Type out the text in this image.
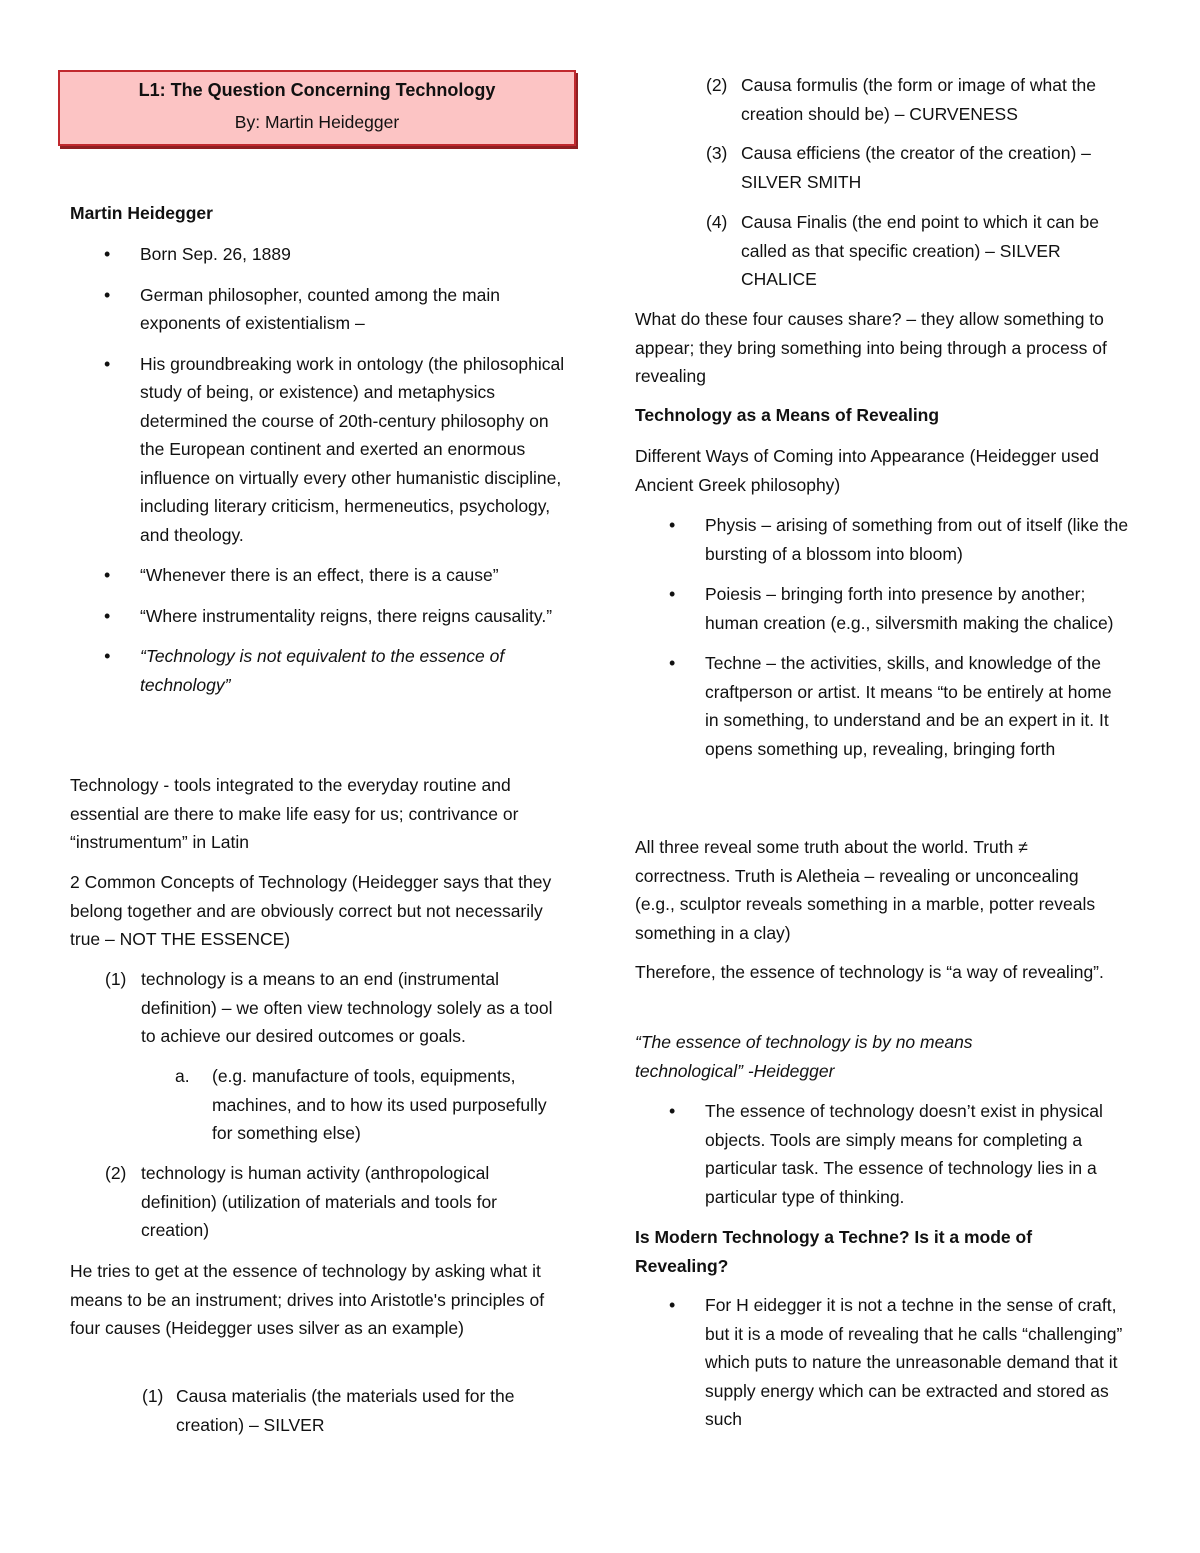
L1: The Question Concerning Technology
By: Martin Heidegger

Martin Heidegger

• Born Sep. 26, 1889
• German philosopher, counted among the main exponents of existentialism –
• His groundbreaking work in ontology (the philosophical study of being, or existence) and metaphysics determined the course of 20th-century philosophy on the European continent and exerted an enormous influence on virtually every other humanistic discipline, including literary criticism, hermeneutics, psychology, and theology.
• “Whenever there is an effect, there is a cause”
• “Where instrumentality reigns, there reigns causality.”
• “Technology is not equivalent to the essence of technology”

Technology - tools integrated to the everyday routine and essential are there to make life easy for us; contrivance or “instrumentum” in Latin

2 Common Concepts of Technology (Heidegger says that they belong together and are obviously correct but not necessarily true – NOT THE ESSENCE)

(1) technology is a means to an end (instrumental definition) – we often view technology solely as a tool to achieve our desired outcomes or goals.
a. (e.g. manufacture of tools, equipments, machines, and to how its used purposefully for something else)
(2) technology is human activity (anthropological definition) (utilization of materials and tools for creation)

He tries to get at the essence of technology by asking what it means to be an instrument; drives into Aristotle's principles of four causes (Heidegger uses silver as an example)

(1) Causa materialis (the materials used for the creation) – SILVER
(2) Causa formulis (the form or image of what the creation should be) – CURVENESS
(3) Causa efficiens (the creator of the creation) – SILVER SMITH
(4) Causa Finalis (the end point to which it can be called as that specific creation) – SILVER CHALICE

What do these four causes share? – they allow something to appear; they bring something into being through a process of revealing

Technology as a Means of Revealing

Different Ways of Coming into Appearance (Heidegger used Ancient Greek philosophy)

• Physis – arising of something from out of itself (like the bursting of a blossom into bloom)
• Poiesis – bringing forth into presence by another; human creation (e.g., silversmith making the chalice)
• Techne – the activities, skills, and knowledge of the craftperson or artist. It means “to be entirely at home in something, to understand and be an expert in it. It opens something up, revealing, bringing forth

All three reveal some truth about the world. Truth ≠ correctness. Truth is Aletheia – revealing or unconcealing (e.g., sculptor reveals something in a marble, potter reveals something in a clay)

Therefore, the essence of technology is “a way of revealing”.

“The essence of technology is by no means technological” -Heidegger

• The essence of technology doesn’t exist in physical objects. Tools are simply means for completing a particular task. The essence of technology lies in a particular type of thinking.

Is Modern Technology a Techne? Is it a mode of Revealing?

• For H eidegger it is not a techne in the sense of craft, but it is a mode of revealing that he calls “challenging” which puts to nature the unreasonable demand that it supply energy which can be extracted and stored as such
